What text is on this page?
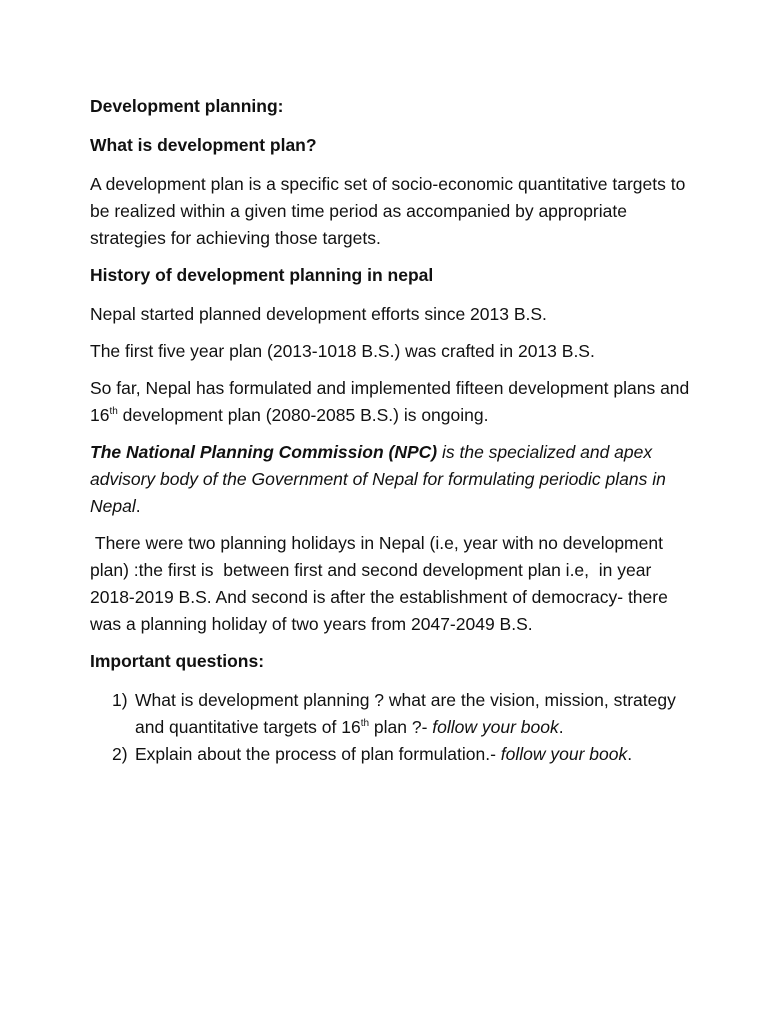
Development planning:

What is development plan?

A development plan is a specific set of socio-economic quantitative targets to be realized within a given time period as accompanied by appropriate strategies for achieving those targets.

History of development planning in nepal

Nepal started planned development efforts since 2013 B.S.

The first five year plan (2013-1018 B.S.) was crafted in 2013 B.S.

So far, Nepal has formulated and implemented fifteen development plans and 16th development plan (2080-2085 B.S.) is ongoing.

The National Planning Commission (NPC) is the specialized and apex advisory body of the Government of Nepal for formulating periodic plans in Nepal.

There were two planning holidays in Nepal (i.e, year with no development plan) :the first is  between first and second development plan i.e,  in year 2018-2019 B.S. And second is after the establishment of democracy- there was a planning holiday of two years from 2047-2049 B.S.

Important questions:

1) What is development planning ? what are the vision, mission, strategy and quantitative targets of 16th plan ?- follow your book.
2) Explain about the process of plan formulation.- follow your book.
